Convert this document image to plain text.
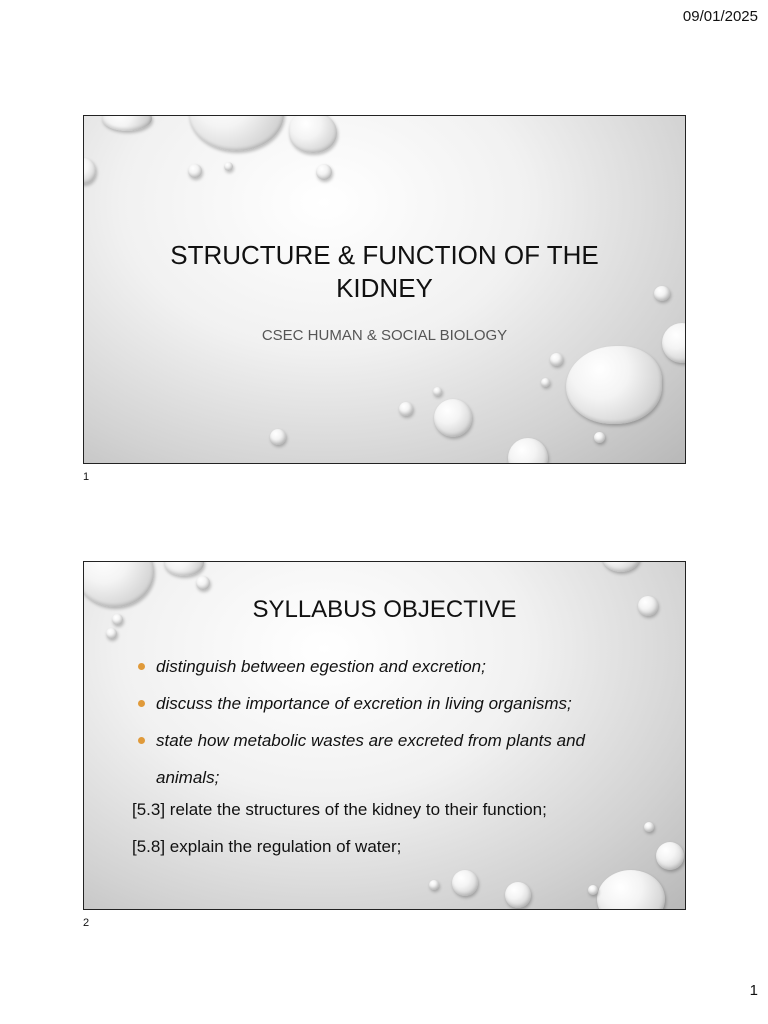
09/01/2025
STRUCTURE & FUNCTION OF THE
KIDNEY
CSEC HUMAN & SOCIAL BIOLOGY
1
SYLLABUS OBJECTIVE
distinguish between egestion and excretion;
discuss the importance of excretion in living organisms;
state how metabolic wastes are excreted from plants and animals;
[5.3] relate the structures of the kidney to their function;
[5.8] explain the regulation of water;
2
1
